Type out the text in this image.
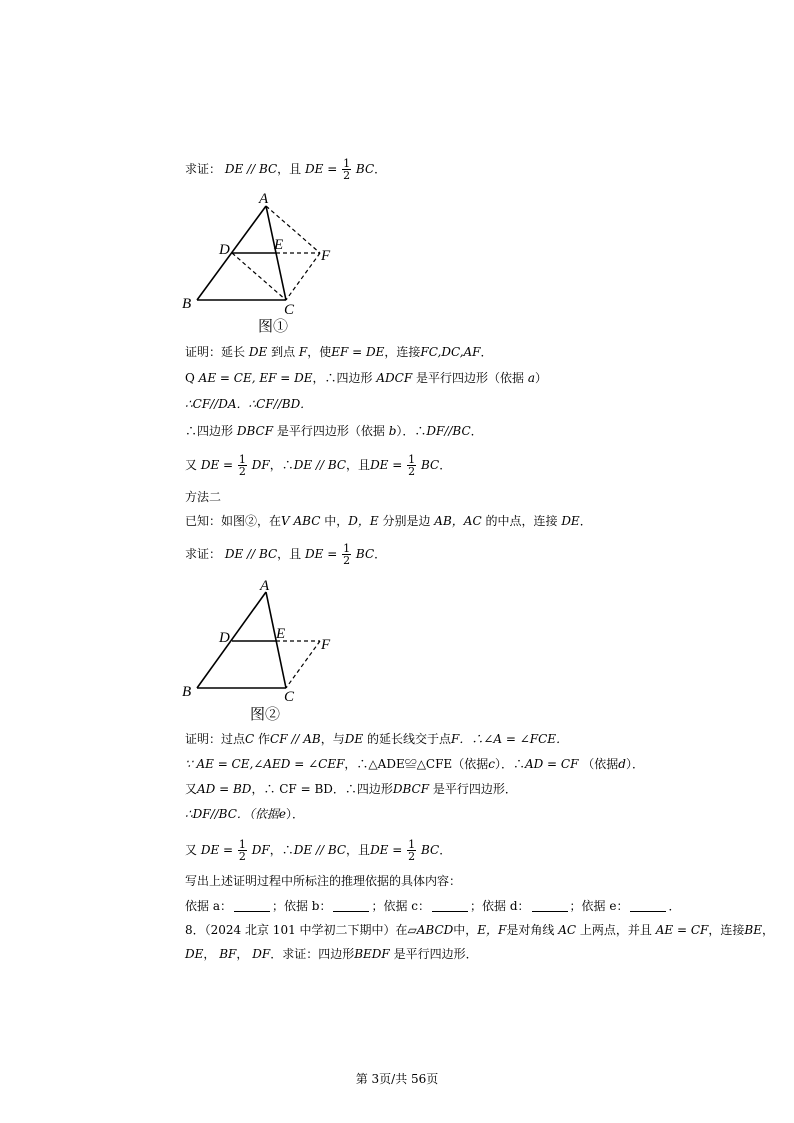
求证： DE // BC，且 DE = $\frac{1}{2}$ BC．
A
D	E
F
B	C
图①
证明：延长 DE 到点 F，使EF = DE，连接FC,DC,AF．
Q AE = CE, EF = DE，∴四边形 ADCF 是平行四边形（依据 a）
∴CF//DA．∴CF//BD．
∴四边形 DBCF 是平行四边形（依据 b）．∴DF//BC．
又 DE = $\frac{1}{2}$ DF，∴DE // BC，且DE = $\frac{1}{2}$ BC．
方法二
已知：如图②，在V ABC 中，D，E 分别是边 AB，AC 的中点，连接 DE．
求证： DE // BC，且 DE = $\frac{1}{2}$ BC．
A
D	E
F
B	C
图②
证明：过点C 作CF // AB，与DE 的延长线交于点F．∴∠A = ∠FCE．
∵ AE = CE,∠AED = ∠CEF，∴△ADE≌△CFE（依据c）．∴AD = CF （依据d）．
又AD = BD，∴ CF = BD．∴四边形DBCF 是平行四边形．
∴DF//BC．（依据e）．
又 DE = $\frac{1}{2}$ DF，∴DE // BC，且DE = $\frac{1}{2}$ BC．
写出上述证明过程中所标注的推理依据的具体内容：
依据 a：	；依据 b：	；依据 c：	；依据 d：	；依据 e：	．
8．（2024 北京 101 中学初二下期中）在▱ABCD中，E，F是对角线 AC 上两点，并且 AE = CF，连接BE，
DE， BF， DF．求证：四边形BEDF 是平行四边形．
第 3页/共 56页
